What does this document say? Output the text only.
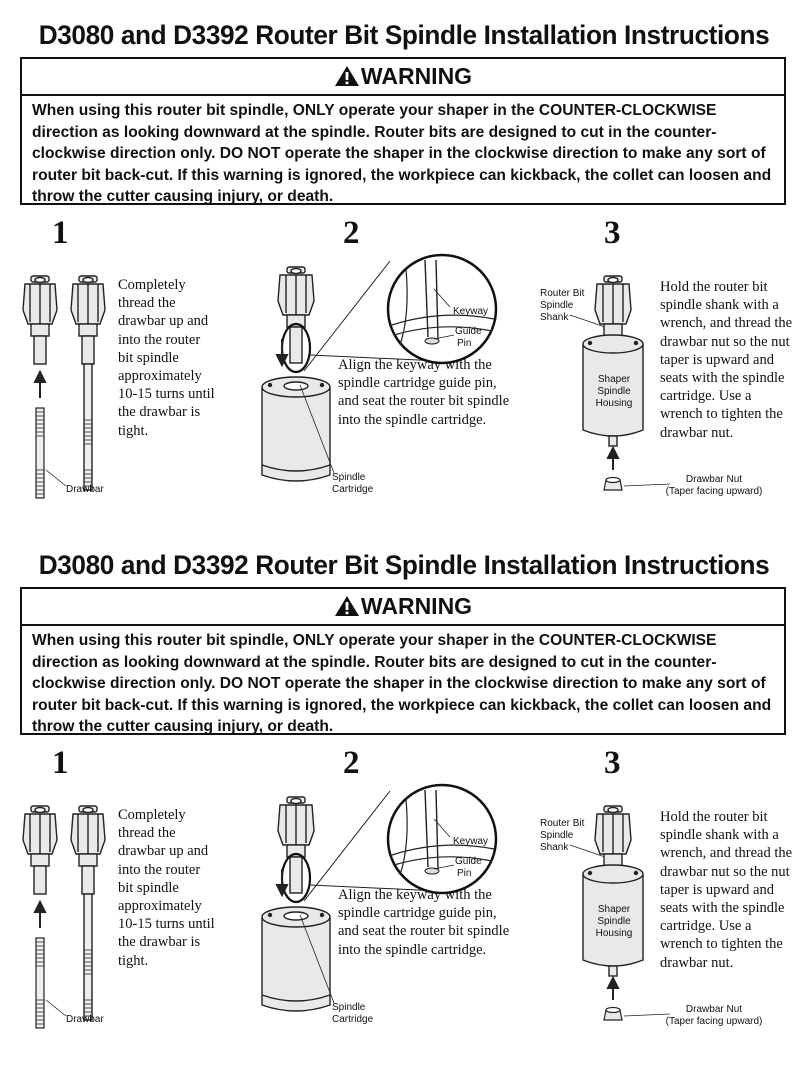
D3080 and D3392 Router Bit Spindle Installation Instructions
WARNING
When using this router bit spindle, ONLY operate your shaper in the COUNTER-CLOCKWISE direction as looking downward at the spindle. Router bits are designed to cut in the counter-clockwise direction only. DO NOT operate the shaper in the clockwise direction to make any sort of router bit back-cut. If this warning is ignored, the workpiece can kickback, the collet can loosen and throw the cutter causing injury, or death.
1
Completely thread the drawbar up and into the router bit spindle approximately 10-15 turns until the drawbar is tight.
Drawbar
2
Keyway
Guide
Pin
Align the keyway with the spindle cartridge guide pin, and seat the router bit spindle into the spindle cartridge.
Spindle
Cartridge
3
Router Bit
Spindle
Shank
Shaper
Spindle
Housing
Hold the router bit spindle shank with a wrench, and thread the drawbar nut so the nut taper is upward and seats with the spindle cartridge. Use a wrench to tighten the drawbar nut.
Drawbar Nut
(Taper facing upward)
D3080 and D3392 Router Bit Spindle Installation Instructions
WARNING
When using this router bit spindle, ONLY operate your shaper in the COUNTER-CLOCKWISE direction as looking downward at the spindle. Router bits are designed to cut in the counter-clockwise direction only. DO NOT operate the shaper in the clockwise direction to make any sort of router bit back-cut. If this warning is ignored, the workpiece can kickback, the collet can loosen and throw the cutter causing injury, or death.
1
Completely thread the drawbar up and into the router bit spindle approximately 10-15 turns until the drawbar is tight.
Drawbar
2
Keyway
Guide
Pin
Align the keyway with the spindle cartridge guide pin, and seat the router bit spindle into the spindle cartridge.
Spindle
Cartridge
3
Router Bit
Spindle
Shank
Shaper
Spindle
Housing
Hold the router bit spindle shank with a wrench, and thread the drawbar nut so the nut taper is upward and seats with the spindle cartridge. Use a wrench to tighten the drawbar nut.
Drawbar Nut
(Taper facing upward)
